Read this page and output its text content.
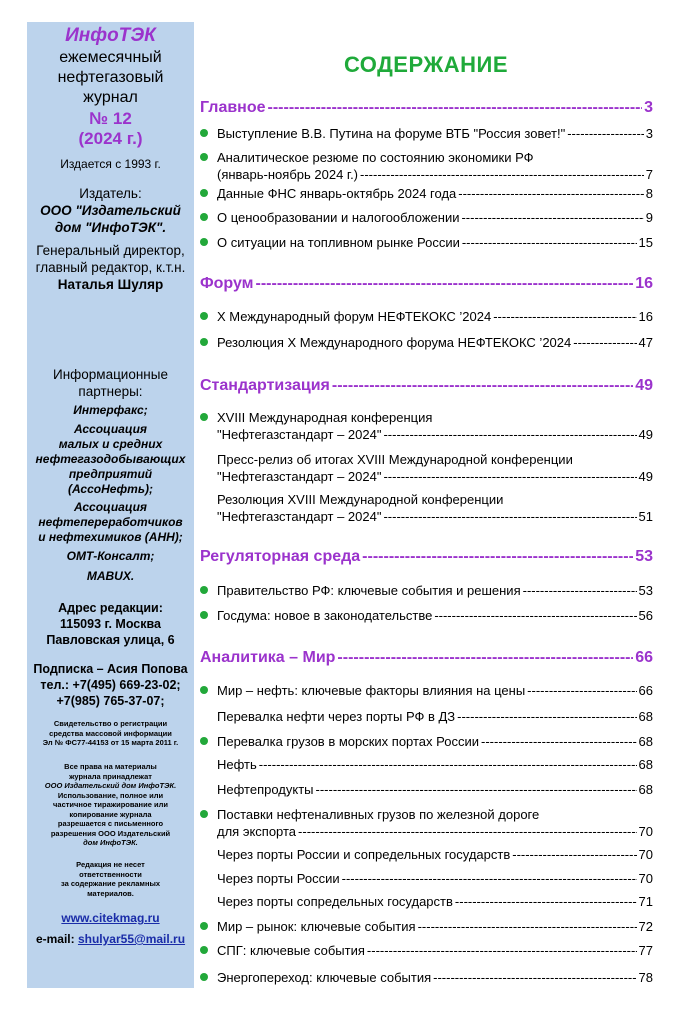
ИнфоТЭК

ежемесячный
нефтегазовый
журнал

№ 12
(2024 г.)

Издается с 1993 г.

Издатель:
ООО "Издательский
дом "ИнфоТЭК".

Генеральный директор,
главный редактор, к.т.н.
Наталья Шуляр

Информационные
партнеры:

Интерфакс;

Ассоциация
малых и средних
нефтегазодобывающих
предприятий
(АссоНефть);

Ассоциация
нефтепереработчиков
и нефтехимиков (АНН);

ОМТ-Консалт;

MABUX.

Адрес редакции:
115093 г. Москва
Павловская улица, 6

Подписка – Асия Попова
тел.: +7(495) 669-23-02;
+7(985) 765-37-07;

Свидетельство о регистрации
средства массовой информации
Эл № ФС77-44153 от 15 марта 2011 г.

Все права на материалы
журнала принадлежат
ООО Издательский дом ИнфоТЭК.
Использование, полное или
частичное тиражирование или
копирование журнала
разрешается с письменного
разрешения ООО Издательский
дом ИнфоТЭК.

Редакция не несет
ответственности
за содержание рекламных
материалов.

www.citekmag.ru

e-mail: shulyar55@mail.ru

СОДЕРЖАНИЕ
Главное -----	3
Выступление В.В. Путина на форуме ВТБ "Россия зовет!" -----	3
Аналитическое резюме по состоянию экономики РФ
(январь-ноябрь 2024 г.) -----	7
Данные ФНС январь-октябрь 2024 года -----	8
О ценообразовании и налогообложении -----	9
О ситуации на топливном рынке России -----	15
Форум -----	16
X Международный форум НЕФТЕКОКС ’2024 -----	16
Резолюция X Международного форума НЕФТЕКОКС ’2024 -----	47
Стандартизация -----	49
XVIII Международная конференция
"Нефтегазстандарт – 2024" -----	49
Пресс-релиз об итогах XVIII Международной конференции
"Нефтегазстандарт – 2024" -----	49
Резолюция XVIII Международной конференции
"Нефтегазстандарт – 2024" -----	51
Регуляторная среда -----	53
Правительство РФ: ключевые события и решения -----	53
Госдума: новое в законодательстве -----	56
Аналитика – Мир -----	66
Мир – нефть: ключевые факторы влияния на цены -----	66
Перевалка нефти через порты РФ в ДЗ -----	68
Перевалка грузов в морских портах России -----	68
Нефть -----	68
Нефтепродукты -----	68
Поставки нефтеналивных грузов по железной дороге
для экспорта -----	70
Через порты России и сопредельных государств -----	70
Через порты России -----	70
Через порты сопредельных государств -----	71
Мир – рынок: ключевые события -----	72
СПГ: ключевые события -----	77
Энергопереход: ключевые события -----	78
